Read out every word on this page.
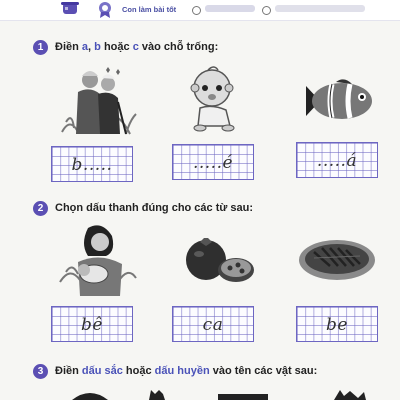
Con làm bài tốt
1	Điền a, b hoặc c vào chỗ trống:
b.....	.....é	.....á
2	Chọn dấu thanh đúng cho các từ sau:
bê	ca	be
3	Điền dấu sắc hoặc dấu huyền vào tên các vật sau:
